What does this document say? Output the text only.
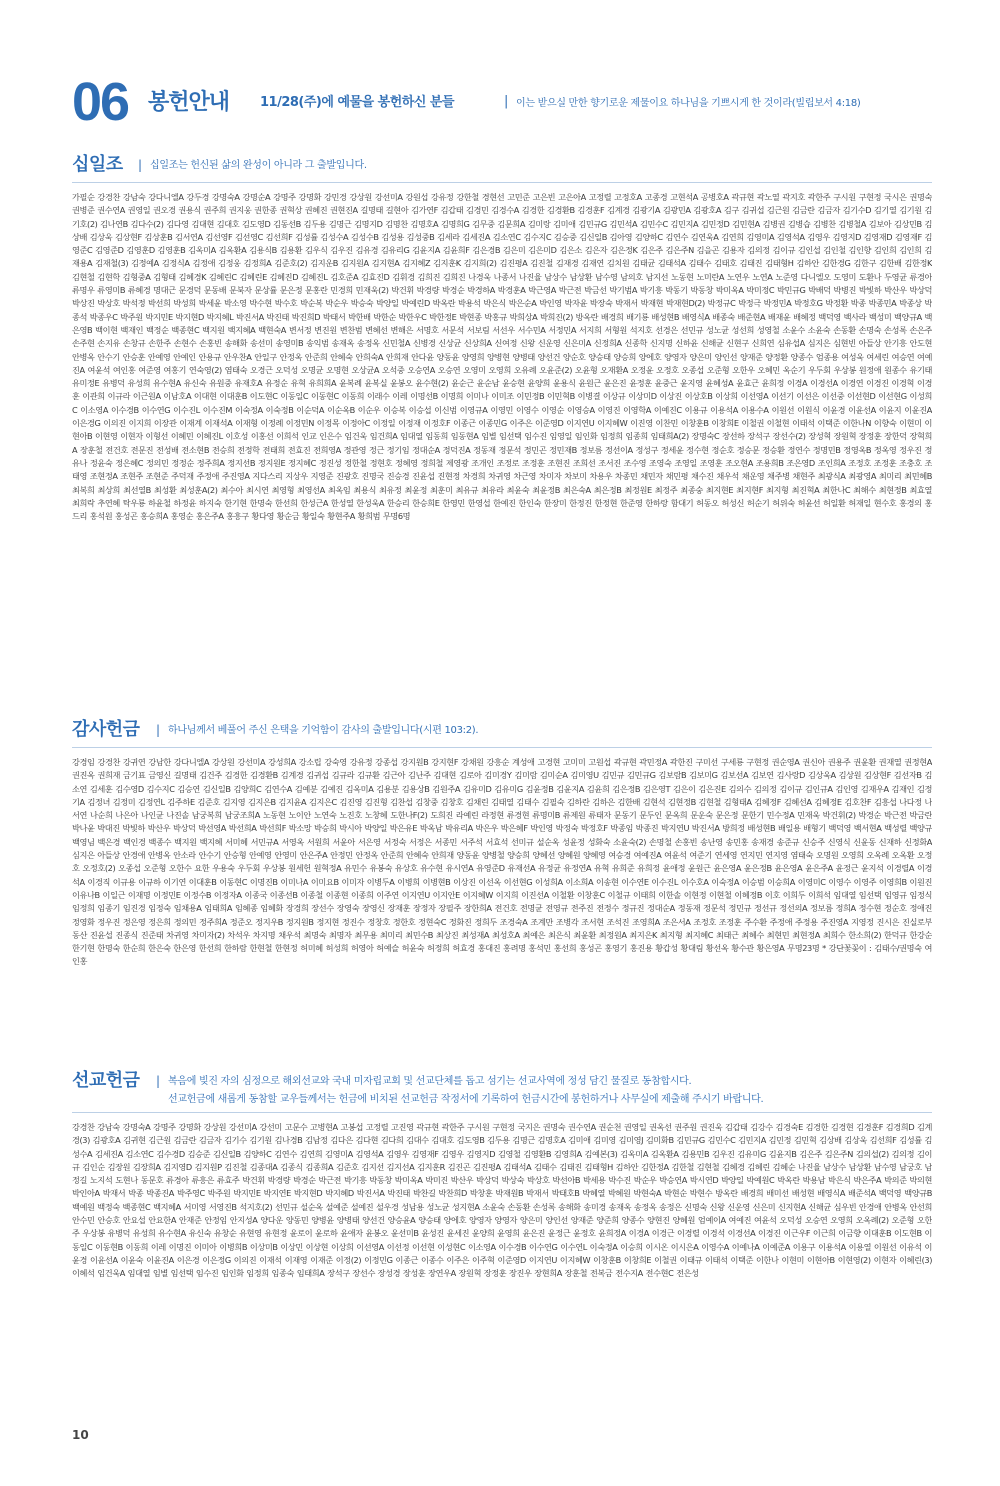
06 봉헌안내 11/28(주)에 예물을 봉헌하신 분들	| 이는 받으실 만한 향기로운 제물이요 하나님을 기쁘시게 한 것이라(빌립보서 4:18)
십일조 | 십일조는 헌신된 삶의 완성이 아니라 그 출발입니다.
가필순 강경찬 강남숙 강다니엘A 강두경 강명숙A 강명순A 강명주 강명화 강민경 강상원 강선미A 강원섭 강유정 강한철 경현선 고민준 고은빈 고은아A 고정렬 고정호A 고종경 고현석A 공병호A 곽규현 곽노열 곽지호 곽한주 구시원 구현정 국시은 권명숙 권병준 권수연A 권영일 권오경 권용식 권주희 권지웅 권한종 권혁상 권혜진 권현진A 길명태 길현아 김가연F 김갑태 김경민 김경수A 김경한 김경환B 김경훈F 김계경 김광기A 김광민A 김광호A 김구 김귀섭 김근원 김금란 김금자 김기수D 김기열 김기원 김기호(2) 김나연B 김다수(2) 김다영 김대현 김대호 김도영D 김동선B 김두용 김명근 김명지D 김명찬 김명호A 김명희G 김무중 김문희A 김미랑 김미애 김민규G 김민석A 김민수C 김민지A 김민정D 김민현A 김병권 김병습 김병찬 김병철A 김보아 김상민B 김상배 김상욱 김상현F 김상훈B 김서연A 김선영F 김선영C 김선희F 김성률 김성수A 김성수B 김성용 김성중B 김세라 김세진A 김소연C 김수지C 김승중 김신일B 김아영 김양하C 김연수 김연욱A 김연희 김영미A 김영석A 김영우 김영지D 김영재D 김영재F 김영준C 김영준D 김영훈D 김영훈B 김옥미A 김옥환A 김용식B 김용환 김우식 김우진 김유경 김유리G 김윤지A 김윤희F 김은경B 김은미 김은미D 김은소 김은자 김은정K 김은주 김은주N 김을곤 김용자 김의정 김이규 김인섭 김인철 김인향 김인희 김인희 김재용A 김재철(3) 김정예A 김정식A 김정애 김정웅 김정희A 김준호(2) 김지운B 김지원A 김지현A 김지혜Z 김지훈K 김지희(2) 김진평A 김진철 김재경 김재연 김치원 김태균 김태석A 김태수 김태호 김태진 김태형H 김하안 김한경G 김한구 김한배 김한정K 김현철 김현학 김형중A 김형태 김혜경K 김혜린C 김혜린E 김혜진D 김혜진L 김호준A 김효진D 김휘경 김희진 김희진 나경욱 나종서 나진율 남상수 남상환 남수영 남의호 남지선 노동현 노미란A 노연우 노연A 노준영 다니엘오 도영미 도환나 두영균 류경아 류명우 류영미B 류혜경 명대근 문경덕 문동배 문북자 문상률 문은정 문홍란 민경희 민재욱(2) 박건휘 박경량 박경순 박경하A 박경훈A 박근영A 박근전 박금선 박기범A 박기흥 박동기 박동창 박미옥A 박미정C 박민규G 박배덕 박병진 박빛하 박산우 박상덕 박상진 박상호 박석정 박선희 박성희 박세윤 박소영 박수현 박수호 박순복 박순우 박승숙 박양일 박예린D 박옥란 박용석 박은식 박은순A 박인영 박자윤 박장숙 박재서 박재현 박재현D(2) 박정규C 박정극 박정민A 박정호G 박정환 박종 박종민A 박종상 박종석 박종우C 박주원 박지민E 박지현D 박지혜L 박진서A 박진태 박진희D 박태서 박한배 박한순 박한우C 박한정E 박현종 박홍규 박희상A 박희진(2) 방옥란 배경희 배기룡 배성현B 배영식A 배종숙 배준현A 배재윤 배혜정 백덕영 백사라 백성미 백양규A 백은영B 백이현 백재인 백정순 백종현C 백지원 백지혜A 백현숙A 변서정 변진원 변찬범 변혜선 변해은 서명호 서문석 서보림 서선우 서수민A 서정민A 서지희 서형원 석지호 선경은 선민규 성노균 성선희 성영철 소윤수 소윤숙 손동환 손명숙 손성록 손은주 손주현 손지유 손창규 손한주 손현수 손홍빈 송해화 송선미 송영미B 송익범 송재옥 송정옥 신민철A 신병경 신상균 신상희A 신여정 신왕 신운영 신은미A 신정희A 신종학 신지명 신하윤 신해균 신현구 신희연 심유섭A 심지은 심현빈 아들상 안기흥 안도현 안병옥 안수기 안승훈 안예영 안예인 안용규 안우찬A 안일구 안정옥 안준희 안혜숙 안희숙A 안희재 안다윤 양동윤 양영희 양병현 양병태 양선건 양순호 양승태 양승희 양에호 양영자 양은미 양인선 양재준 양정환 양종수 엄종용 여성욱 여세린 여승연 여예진A 여윤석 여인홍 여준영 여홍기 연숙영(2) 염태숙 오경근 오덕성 오명균 오명현 오상균A 오석중 오승연A 오승연 오영미 오영희 오유례 오윤준(2) 오윤형 오재환A 오정윤 오정호 오종섭 오준형 오한우 오혜민 옥순기 우두회 우상봉 원정애 원종수 유기태 유미정E 유병덕 유성희 유수현A 유신숙 유원중 유재호A 유정순 유혁 유희희A 윤복례 윤복실 윤봉오 윤수현(2) 윤순근 윤순남 윤승현 윤양희 윤용식 윤원근 윤은진 윤정훈 윤중근 윤지영 윤혜성A 윤효근 윤희정 이경A 이경선A 이경연 이경진 이경혁 이경훈 이관희 이규라 이근원A 이남호A 이대현 이대훈B 이도현C 이동일C 이동현C 이동희 이래수 이레 이명선B 이명희 이미나 이미조 이민정B 이민혁B 이병결 이상규 이상미D 이상진 이상호B 이상희 이선영A 이선기 이선은 이선중 이선현D 이선현G 이성희C 이소영A 이수경B 이수연G 이수진L 이수진M 이숙정A 이숙정B 이순덕A 이순옥B 이순우 이승복 이승섭 이신범 이영규A 이영민 이영수 이영순 이영승A 이영진 이영학A 이예진C 이용규 이용석A 이용수A 이원선 이원식 이윤경 이윤선A 이윤지 이윤진A 이은경G 이의진 이지희 이장관 이재계 이재석A 이재형 이정례 이정민N 이정목 이정아C 이정일 이정재 이정호F 이종근 이종민G 이주은 이준영D 이지연U 이지혜W 이진영 이찬민 이창훈B 이창희E 이철권 이철현 이태석 이택준 이한나N 이향숙 이현미 이현아B 이현영 이현자 이형선 이혜민 이혜진L 이호성 이홍선 이희석 인교 인은수 임건욱 임건희A 임대열 임동희 임동현A 임별 임선택 임수진 임영일 임인화 임정희 임종희 임태희A(2) 장명숙C 장선하 장석구 장선수(2) 장성혁 장원혁 장정훈 장한덕 장혁희A 장훈철 전건호 전문진 전성배 전소현B 전승희 전정학 전태희 전효진 전희영A 정관영 정근 정기임 정대순A 정덕진A 정동재 정문석 정민곤 정민재B 정보름 정선이A 정성구 정세윤 정수현 정순호 정승문 정승환 정연수 정명민B 정영옥B 정옥영 정우진 정유나 정윤숙 정은혜C 정의민 정정순 정주희A 정지선B 정지원E 정지혜C 정진성 정한철 정현호 정혜영 정희철 제영광 조개인 조정로 조정훈 조현진 조희선 조서진 조수영 조영숙 조영일 조영훈 조오현A 조용희B 조은영D 조인희A 조정호 조정훈 조충호 조태영 조현정A 조현주 조현준 주덕재 주정애 주진영A 지다스리 지상우 지영준 진광호 진명국 진승경 진윤섭 진현정 차경희 차귀영 차근영 차미자 차보미 차용우 차종민 채민자 채민평 채수진 채우석 채운영 채주병 채현주 최광식A 최광영A 최미리 최민혜B 최복희 최상희 최선열B 최성환 최성훈A(2) 최수아 최시연 최영형 최영선A 최옥임 최용식 최유정 최윤정 최훈미 최유규 최유라 최윤숙 최윤정B 최은숙A 최은정B 최정원E 최정주 최종숭 최지현E 최지현F 최지형 최진혁A 최한나C 최해수 최현정B 최효열 최희락 추연혜 탁우룡 하윤철 하정윤 하지숙 한기현 한명숙 한선희 한성근A 한성열 한성욱A 한승리 한승희E 한영민 한영섭 한예진 한인숙 한장미 한정진 한정현 한준영 한하랑 함대기 허동오 허성신 허순기 허위숙 허윤선 허일환 허재일 현수호 홍경의 홍드리 홍석원 홍성곤 홍승희A 홍영순 홍은주A 홍흥구 황다영 황순금 황일숙 황현주A 황희범 무명6명
감사헌금 | 하나님께서 베풀어 주신 은택을 기억함이 감사의 출발입니다(시편 103:2).
강경임 강경찬 강귀연 강남한 강다니엘A 강상원 강선미A 강성희A 강소립 강숙영 강유정 강종섭 강지원B 강지현F 강채원 강흥순 계성애 고경현 고미미 고원섭 곽규현 곽민정A 곽한진 구미선 구세룡 구현정 권순영A 권신아 권용주 권윤환 권재열 권정현A 권진옥 권희재 금기표 금영신 길명태 김건주 김경한 김경환B 김계경 김귀섭 김규라 김규환 김근아 김난주 김대현 김로아 김미경Y 김미람 김미순A 김미영U 김민규 김민규G 김보람B 김보미G 김보선A 김보연 김사랑D 김상욱A 김상원 김상현F 김선자B 김소연 김세훈 김수영D 김수지C 김승연 김신일B 김양희C 김연수A 김예분 김예진 김옥미A 김용분 김용상B 김원주A 김유미D 김유미G 김윤정B 김윤지A 김윤희 김은정B 김은영T 김은이 김은진E 김의수 김의정 김이규 김인규A 김인영 김재우A 김재인 김정기A 김정녀 김정미 김정연L 김주하E 김준호 김지영 김지은B 김지윤A 김지은C 김진영 김진형 김찬섭 김창중 김창호 김채린 김태열 김태수 김필숙 김하란 김하은 김한배 김현석 김현정B 김현철 김형태A 김혜정F 김혜선A 김혜정E 김호찬F 김흥섭 나다정 나서연 나순희 나은아 나인균 나진솔 남궁복희 남궁조희A 노동현 노이안 노연숙 노진호 노창혜 도한나F(2) 도희진 라예린 라정현 류경현 류명미B 류제원 류태자 문동기 문두인 문옥희 문운숙 문은정 문한기 민수정A 민재욱 박건휘(2) 박경순 박근전 박금란 박나윤 박대진 박빛하 박산우 박상덕 박선영A 박선희A 박선희F 박소망 박승희 박시아 박양일 박은유E 박옥남 박유리A 박은우 박은혜F 박인영 박정숙 박정호F 박종임 박종진 박지연U 박진서A 방희정 배성현B 배일용 배형기 백덕영 백서현A 백성렬 백양규 백영님 백은경 백인경 백종수 백지원 백지혜 서미혜 서민규A 서영옥 서원희 서윤아 서은영 서정숙 서정은 서종민 서주석 서효석 선미규 설순옥 성윤정 성화숙 소윤숙(2) 손명철 손홍빈 송난영 송민홍 송재경 송준규 신승주 신영식 신윤동 신재하 신정화A 심지은 아들상 안경애 안병옥 안소라 안수기 안승형 안예영 안영미 안은주A 안정민 안정옥 안준희 안혜숙 안희재 양동윤 양병철 양승희 양혜선 양혜원 양혜영 여승경 여예진A 여윤석 여준기 연세영 연지민 연지영 염태숙 오명원 오영희 오옥례 오옥환 오정호 오정호(2) 오종섭 오준형 오한수 요한 우용숙 우두회 우상봉 원세헌 원혁정A 유민수 유봉숙 유상호 유수현 유시연A 유영준D 유재선A 유정균 유정연A 유혁 유희준 유희정 윤애정 윤원근 윤은영A 윤은정B 윤은영A 윤은주A 윤정근 윤지석 이경렬A 이경석A 이경직 이규용 이규하 이기연 이대훈B 이동현C 이명진B 이미나A 이미요B 이미자 이병두A 이병희 이병현B 이상진 이선옥 이선현G 이성희A 이소희A 이송현 이수연E 이수진L 이수호A 이숙정A 이승범 이승희A 이영미C 이영수 이영주 이영희B 이원진 이유나B 이일근 이재명 이정민E 이정수B 이정자A 이종국 이종선B 이종철 이종현 이종희 이주연 이지연U 이지안E 이지혜W 이지희 이진선A 이철환 이창훈C 이철규 이태희 이한솔 이현정 이현철 이혜정B 이호 이희두 이희석 임대열 임선택 임영규 임정식 임정희 임종기 임진경 임정숙 임채용A 임태희A 임혜종 임혜화 장경희 장선수 장영숙 장영신 장재훈 장정자 장필주 장한희A 전건호 전명균 전영규 전주진 전정수 정규진 정대순A 정동재 정문석 정민규 정선규 정선의A 정보름 정희A 정수현 정순호 정애진 정영화 정우진 정은영 정은희 정의민 정주희A 정준오 정지우B 정지원B 정지현 정진수 정창호 정한호 정현숙C 정화진 정희두 조경숙A 조계만 조병각 조서현 조석진 조영희A 조은서A 조정호 조정훈 주수환 주정애 주정용 주진영A 지영정 진시은 진실로부동산 진윤섭 진종식 진준태 차귀영 차미자(2) 차석우 차지명 채우석 최명숙 최명자 최무용 최미리 최민수B 최상진 최성재A 최성호A 최예은 최은식 최윤환 최정원A 최지은K 최지형 최지혜C 최태근 최혜수 최현민 최현정A 최희수 한소희(2) 한덕규 한강순 한기현 한명숙 한순희 한은숙 한은영 한선희 한하람 한현철 한현정 허미혜 허성희 허영아 허예슬 허윤숙 허정희 허효경 홍대진 홍려명 홍석민 홍선희 홍성곤 홍영기 홍진용 황갑성 황대림 황선옥 황수관 황은영A 무명23명 * 강단꽃꽂이 : 김태수/권명숙 여인홍
선교헌금 | 복음에 빚진 자의 심정으로 해외선교와 국내 미자립교회 및 선교단체를 돕고 섬기는 선교사역에 정성 담긴 물질로 동참합시다.
선교헌금에 새롭게 동참할 교우들께서는 헌금에 비치된 선교헌금 작정서에 기록하여 헌금시간에 봉헌하거나 사무실에 제출해 주시기 바랍니다.
강경찬 강남숙 강명숙A 강명주 강명화 강상원 강선미A 강선미 고문수 고병현A 고봉섭 고정렬 고진영 곽규현 곽한주 구시원 구현정 국지은 권명숙 권수연A 권순천 권영일 권옥선 권주원 권진욱 김갑태 김강수 김경숙E 김경한 김경현 김경훈F 김경희D 김계경(3) 김광호A 김귀현 김근원 김금란 김금자 김기수 김기원 김나경B 김남정 김다은 김다현 김다희 김대수 김대호 김도영B 김두용 김명근 김명호A 김미애 김미영 김미영J 김미화B 김민규G 김민수C 김민지A 김민정 김민혁 김상배 김상욱 김선희F 김성률 김성수A 김세진A 김소연C 김수경D 김승준 김신일B 김양하C 김연수 김연희 김영미A 김영석A 김영우 김영재F 김영우 김영지D 김영철 김영환B 김영희A 김예본(3) 김옥미A 김옥환A 김용민B 김우진 김유미G 김윤지B 김은주 김은주N 김의섭(2) 김의정 김이규 김인순 김장원 김장희A 김지영D 김지원P 김진철 김종대A 김종식 김종희A 김준호 김지선 김지선A 김지훈R 김진곤 김진평A 김태석A 김태수 김태진 김태형H 김하안 김한정A 김한철 김현철 김혜경 김혜린 김혜순 나진율 남상수 남상환 남수영 남궁호 남정길 노지석 도현나 동문호 류경아 류흥은 류효주 박건휘 박경량 박경순 박근전 박기흥 박동창 박미옥A 박미진 박산우 박상덕 박상숙 박상호 박선아B 박세용 박수진 박순우 박승연A 박시연D 박양일 박예원C 박옥란 박용남 박은식 박은주A 박의준 박의현 박인아A 박재서 박종 박종진A 박주영C 박주원 박지민E 박지연E 박지현D 박지혜D 박진서A 박진태 박찬길 박찬희D 박창훈 박재원B 박재서 박태호B 박혜열 박혜원 박현숙A 박현순 박현수 방옥란 배경희 배미선 배성현 배영식A 배준석A 백덕영 백양규B 백예원 백정숙 백종현C 백지혜A 서미영 서영진B 석지호(2) 선민규 설순옥 설예준 설예진 설우경 성남용 성노균 성지현A 소윤숙 손동환 손성록 송해화 송미경 송재옥 송정옥 송정은 신명숙 신왕 신운영 신은미 신지현A 신해균 심우빈 안경애 안병옥 안선희 안수민 안승호 안요섭 안요한A 안재준 안정임 안지성A 양다운 양동민 양병윤 양병태 양선건 양승윤A 양승태 양에호 양영자 양영자 양은미 양인선 양재준 양준희 양종수 양현진 양혜원 엄예이A 여예진 여윤석 오덕성 오승연 오영희 오옥례(2) 오준형 오한주 우상봉 유병덕 유성희 유수현A 유신숙 유창순 유현영 유현정 윤로이 윤로하 윤애자 윤봉오 윤선미B 윤성진 윤세진 윤양희 윤영희 윤은진 윤정근 윤정호 윤희정A 이경A 이경근 이경렬 이경석 이경선A 이경진 이근우F 이근희 이금향 이대훈B 이도현B 이동일C 이동현B 이동희 이레 이명진 이미아 이병희B 이상미B 이상민 이상현 이상희 이선영A 이선정 이선현 이성현C 이소영A 이수경B 이수연G 이수연L 이숙정A 이승희 이시온 이시은A 이영수A 이예나A 이예준A 이용구 이용석A 이용열 이원선 이유석 이윤경 이윤선A 이윤숙 이윤진A 이은경 이은정G 이의진 이재석 이재영 이재준 이정(2) 이정민G 이종근 이종수 이주은 이주혁 이준영D 이지연U 이지혜W 이창훈B 이창희E 이철권 이태규 이태석 이택준 이한나 이현미 이현아B 이현영(2) 이현자 이혜린(3) 이혜석 임건욱A 임대열 임별 임선택 임수진 임인화 임정희 임종숙 임태희A 장석구 장선수 장성경 장성훈 장연우A 장원혁 장정훈 장진우 장현희A 장훈철 전복금 전수지A 전수현C 전은성
10
